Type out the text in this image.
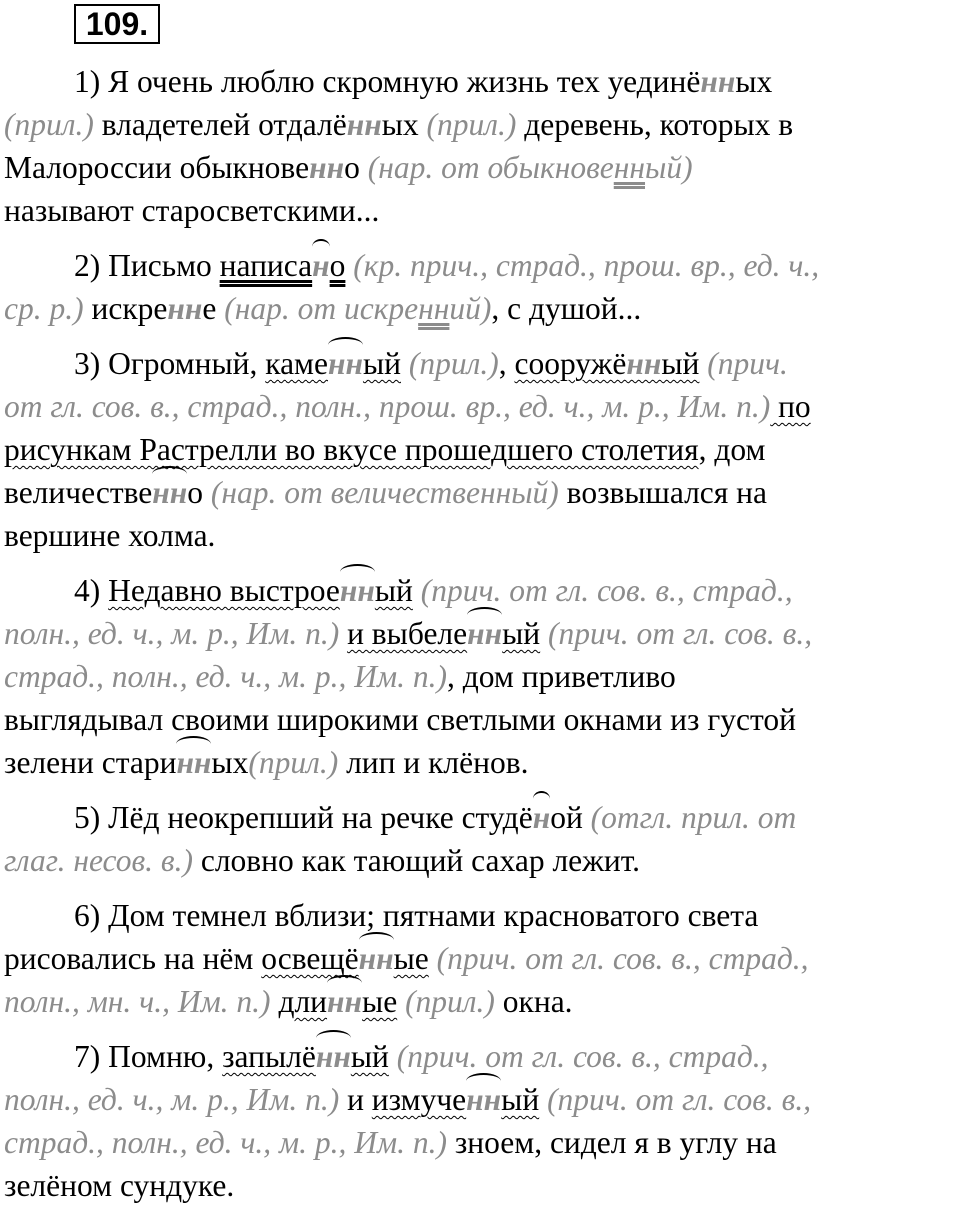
109.
1) Я очень люблю скромную жизнь тех уединённых
(прил.) владетелей отдалённых (прил.) деревень, которых в
Малороссии обыкновенно (нар. от обыкновенный)
называют старосветскими...
2) Письмо написано (кр. прич., страд., прош. вр., ед. ч.,
ср. р.) искренне (нар. от искренний), с душой...
3) Огромный, каменный (прил.), сооружённый (прич.
от гл. сов. в., страд., полн., прош. вр., ед. ч., м. р., Им. п.) по
рисункам Растрелли во вкусе прошедшего столетия, дом
величественно (нар. от величественный) возвышался на
вершине холма.
4) Недавно выстроенный (прич. от гл. сов. в., страд.,
полн., ед. ч., м. р., Им. п.) и выбеленный (прич. от гл. сов. в.,
страд., полн., ед. ч., м. р., Им. п.), дом приветливо
выглядывал своими широкими светлыми окнами из густой
зелени старинных(прил.) лип и клёнов.
5) Лёд неокрепший на речке студёной (отгл. прил. от
глаг. несов. в.) словно как тающий сахар лежит.
6) Дом темнел вблизи; пятнами красноватого света
рисовались на нём освещённые (прич. от гл. сов. в., страд.,
полн., мн. ч., Им. п.) длинные (прил.) окна.
7) Помню, запылённый (прич. от гл. сов. в., страд.,
полн., ед. ч., м. р., Им. п.) и измученный (прич. от гл. сов. в.,
страд., полн., ед. ч., м. р., Им. п.) зноем, сидел я в углу на
зелёном сундуке.
